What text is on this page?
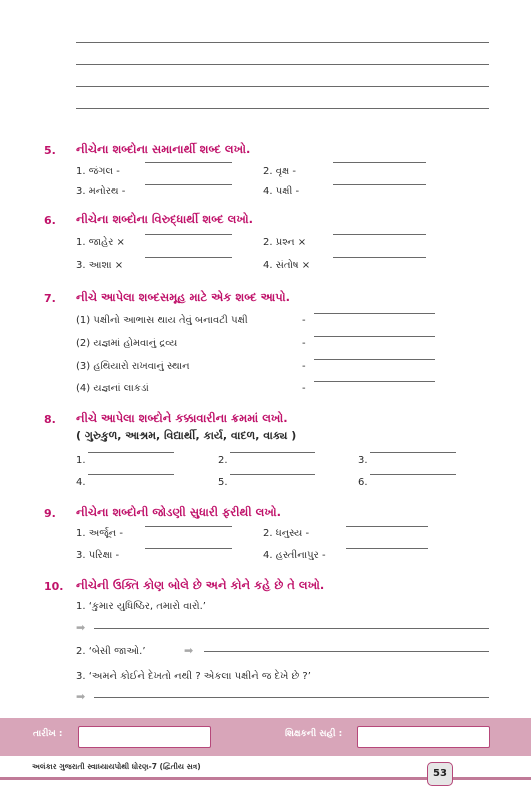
5. નીચેના શબ્દોના સમાનાર્થી શબ્દ લખો.
1. જંગલ -	2. વૃક્ષ -
3. મનોરથ -	4. પક્ષી -
6. નીચેના શબ્દોના વિરુદ્ધાર્થી શબ્દ લખો.
1. જાહેર ×	2. પ્રશ્ન ×
3. આશા ×	4. સંતોષ ×
7. નીચે આપેલા શબ્દસમૂહ માટે એક શબ્દ આપો.
(1) પક્ષીનો આભાસ થાય તેવું બનાવટી પક્ષી	-
(2) યજ્ઞમાં હોમવાનું દ્રવ્ય	-
(3) હથિયારો રાખવાનું સ્થાન	-
(4) યજ્ઞનાં લાકડાં	-
8. નીચે આપેલા શબ્દોને કક્કાવારીના ક્રમમાં લખો.
( ગુરુકુળ, આશ્રમ, વિદ્યાર્થી, કાર્ય, વાદળ, વાક્ય )
1.	2.	3.
4.	5.	6.
9. નીચેના શબ્દોની જોડણી સુધારી ફરીથી લખો.
1. અર્જૂન -	2. ધનુસ્ય -
3. પરિક્ષા -	4. હસ્તીનાપુર -
10. નીચેની ઉક્તિ કોણ બોલે છે અને કોને કહે છે તે લખો.
1. ‘કુમાર યુધિષ્ઠિર, તમારો વારો.’
➡
2. ‘બેસી જાઓ.’	➡
3. ‘અમને કોઈને દેખતો નથી ? એકલા પક્ષીને જ દેખે છે ?’
➡
તારીખ :	શિક્ષકની સહી :
અલંકાર ગુજરાતી સ્વાધ્યાયપોથી ધોરણ-7 (દ્વિતીય સત્ર)
53
